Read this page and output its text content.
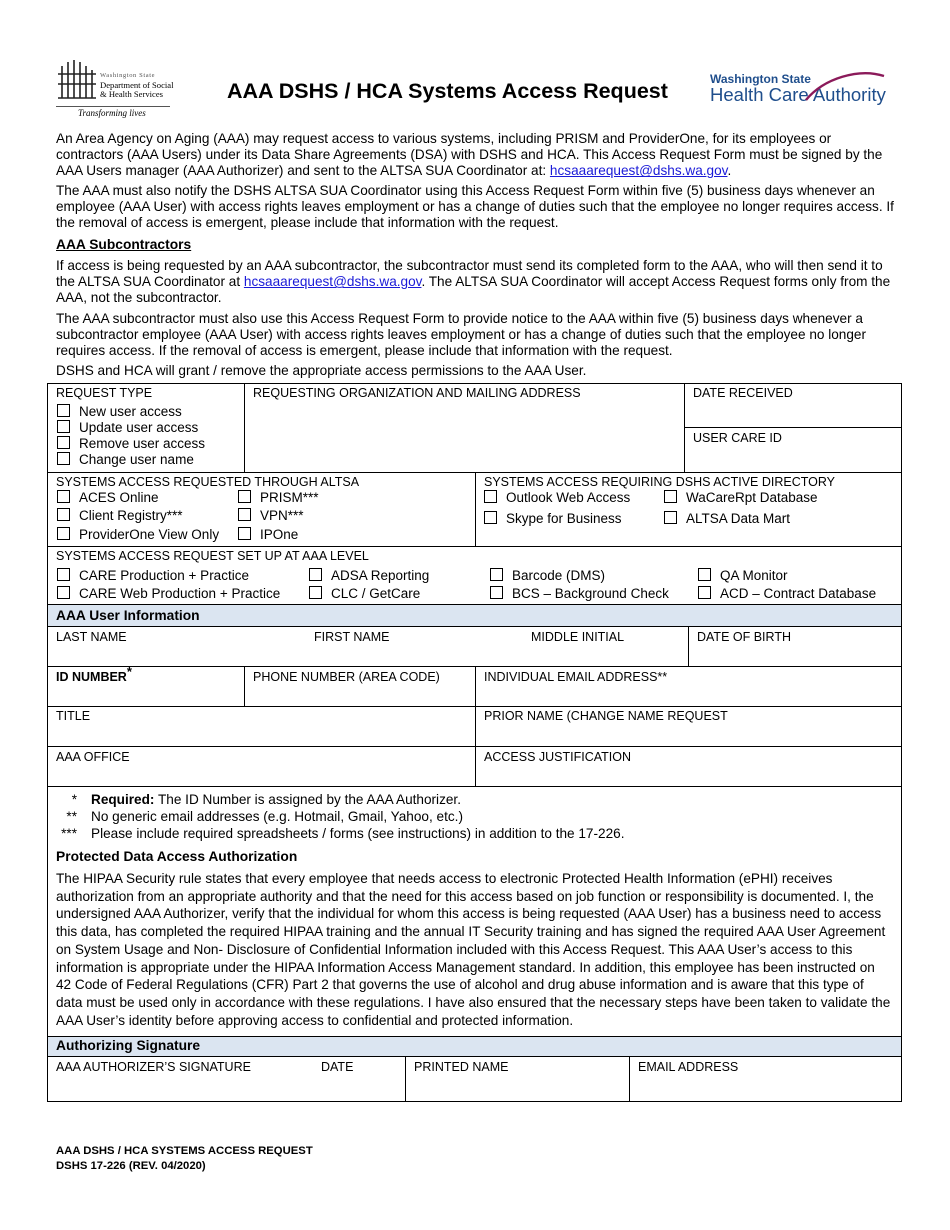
Washington State
Department of Social
& Health Services
Transforming lives
AAA DSHS / HCA Systems Access Request	Washington State
Health Care Authority

An Area Agency on Aging (AAA) may request access to various systems, including PRISM and ProviderOne, for its employees or contractors (AAA Users) under its Data Share Agreements (DSA) with DSHS and HCA. This Access Request Form must be signed by the AAA Users manager (AAA Authorizer) and sent to the ALTSA SUA Coordinator at: hcsaaarequest@dshs.wa.gov.

The AAA must also notify the DSHS ALTSA SUA Coordinator using this Access Request Form within five (5) business days whenever an employee (AAA User) with access rights leaves employment or has a change of duties such that the employee no longer requires access. If the removal of access is emergent, please include that information with the request.

AAA Subcontractors

If access is being requested by an AAA subcontractor, the subcontractor must send its completed form to the AAA, who will then send it to the ALTSA SUA Coordinator at hcsaaarequest@dshs.wa.gov. The ALTSA SUA Coordinator will accept Access Request forms only from the AAA, not the subcontractor.

The AAA subcontractor must also use this Access Request Form to provide notice to the AAA within five (5) business days whenever a subcontractor employee (AAA User) with access rights leaves employment or has a change of duties such that the employee no longer requires access. If the removal of access is emergent, please include that information with the request.

DSHS and HCA will grant / remove the appropriate access permissions to the AAA User.

REQUEST TYPE
New user access
Update user access
Remove user access
Change user name
REQUESTING ORGANIZATION AND MAILING ADDRESS	DATE RECEIVED
USER CARE ID
SYSTEMS ACCESS REQUESTED THROUGH ALTSA
ACES Online
Client Registry***
ProviderOne View Only
PRISM***
VPN***
IPOne
SYSTEMS ACCESS REQUIRING DSHS ACTIVE DIRECTORY
Outlook Web Access
Skype for Business
WaCareRpt Database
ALTSA Data Mart
SYSTEMS ACCESS REQUEST SET UP AT AAA LEVEL
CARE Production + Practice
CARE Web Production + Practice
ADSA Reporting
CLC / GetCare
Barcode (DMS)
BCS – Background Check
QA Monitor
ACD – Contract Database
AAA User Information
LAST NAME	FIRST NAME	MIDDLE INITIAL	DATE OF BIRTH
ID NUMBER*	PHONE NUMBER (AREA CODE)	INDIVIDUAL EMAIL ADDRESS**
TITLE	PRIOR NAME (CHANGE NAME REQUEST
AAA OFFICE	ACCESS JUSTIFICATION
* Required: The ID Number is assigned by the AAA Authorizer.
** No generic email addresses (e.g. Hotmail, Gmail, Yahoo, etc.)
*** Please include required spreadsheets / forms (see instructions) in addition to the 17-226.
Protected Data Access Authorization

The HIPAA Security rule states that every employee that needs access to electronic Protected Health Information (ePHI) receives authorization from an appropriate authority and that the need for this access based on job function or responsibility is documented. I, the undersigned AAA Authorizer, verify that the individual for whom this access is being requested (AAA User) has a business need to access this data, has completed the required HIPAA training and the annual IT Security training and has signed the required AAA User Agreement on System Usage and Non- Disclosure of Confidential Information included with this Access Request. This AAA User’s access to this information is appropriate under the HIPAA Information Access Management standard. In addition, this employee has been instructed on 42 Code of Federal Regulations (CFR) Part 2 that governs the use of alcohol and drug abuse information and is aware that this type of data must be used only in accordance with these regulations. I have also ensured that the necessary steps have been taken to validate the AAA User’s identity before approving access to confidential and protected information.

Authorizing Signature
AAA AUTHORIZER’S SIGNATURE	DATE	PRINTED NAME	EMAIL ADDRESS
AAA DSHS / HCA SYSTEMS ACCESS REQUEST
DSHS 17-226 (REV. 04/2020)
